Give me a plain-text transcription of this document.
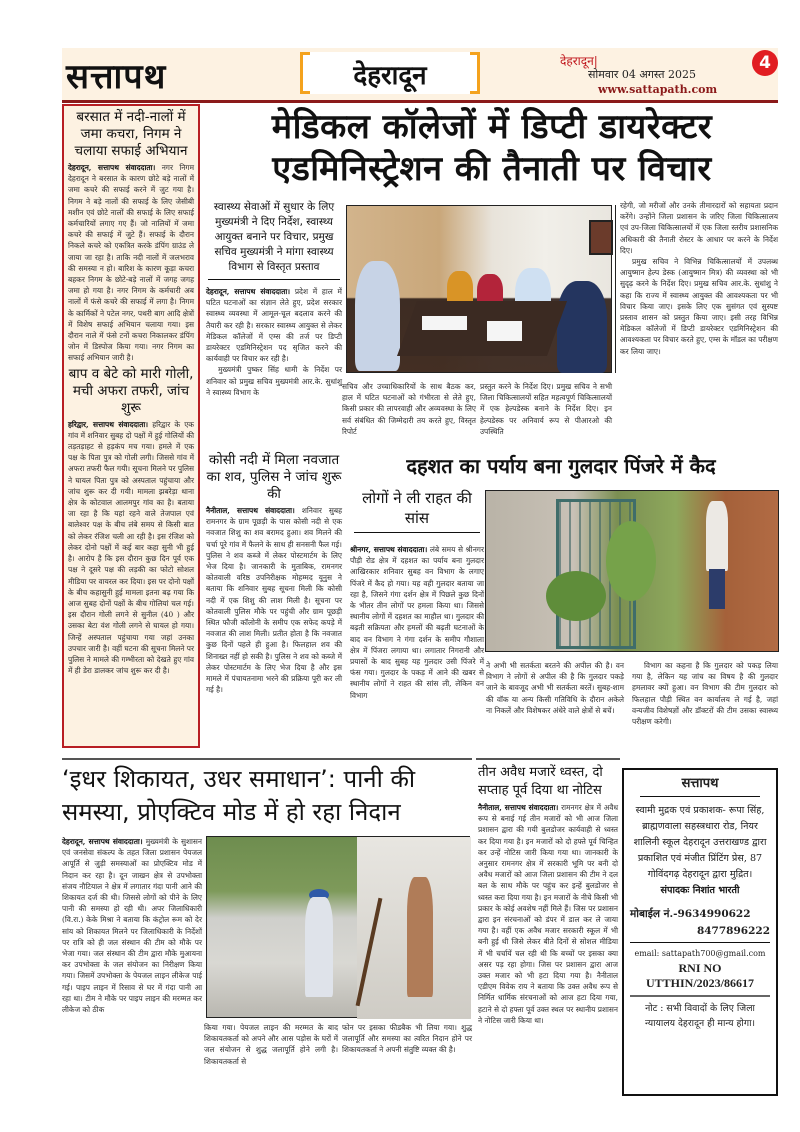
सत्तापथ	देहरादून	देहरादून|
सोमवार 04 अगस्त 2025
www.sattapath.com
4
बरसात में नदी-नालों में जमा कचरा, निगम ने चलाया सफाई अभियान
देहरादून, सत्तापथ संवाददाता। नगर निगम देहरादून ने बरसात के कारण छोटे बड़े नालों में जमा कचरे की सफाई करने में जुट गया है। निगम ने बड़े नालों की सफाई के लिए जेसीबी मशीन एवं छोटे नालों की सफाई के लिए सफाई कर्मचारियों लगाए गए हैं। जो नालियों में जमा कचरे की सफाई में जुटे हैं। सफाई के दौरान निकले कचरे को एकत्रित करके डंपिंग ग्राउंड ले जाया जा रहा है। ताकि नदी नालों में जलभराव की समस्या न हो। बारिश के कारण कूड़ा कचरा बहकर निगम के छोटे-बड़े नालों में जगह जगह जमा हो गया है। नगर निगम के कर्मचारी अब नालों में फंसे कचरे की सफाई में लगा है। निगम के कार्मिकों ने पटेल नगर, पथरी बाग आदि क्षेत्रों में विशेष सफाई अभियान चलाया गया। इस दौरान नाले में फंसे टनों कचरा निकालकर डंपिंग जोन में डिस्पोज किया गया। नगर निगम का सफाई अभियान जारी है।
बाप व बेटे को मारी गोली, मची अफरा तफरी, जांच शुरू
हरिद्वार, सत्तापथ संवाददाता। हरिद्वार के एक गांव में शनिवार सुबह दो पक्षों में हुई गोलियों की तड़तड़ाहट से हड़कंप मच गया। हमले में एक पक्ष के पिता पुत्र को गोली लगी। जिससे गांव में अफरा तफरी फैल गयी। सूचना मिलने पर पुलिस ने घायल पिता पुत्र को अस्पताल पहुंचाया और जांच शुरू कर दी गयी। मामला झबरेड़ा थाना क्षेत्र के कोटवाल आलमपुर गांव का है। बताया जा रहा है कि यहां रहने वाले तेजपाल एवं बालेश्वर पक्ष के बीच लंबे समय से किसी बात को लेकर रंजिश चली आ रही है। इस रंजिश को लेकर दोनो पक्षों में कई बार कहा सुनी भी हुई है। आरोप है कि इस दौरान कुछ दिन पूर्व एक पक्ष ने दूसरे पक्ष की लड़की का फोटो सोशल मीडिया पर वायरल कर दिया। इस पर दोनो पक्षों के बीच कहासुनी हुई मामला इतना बढ़ गया कि आज सुबह दोनों पक्षों के बीच गोलियां चल गई। इस दौरान गोली लगने से सुनील (40 ) और उसका बेटा वंश गोली लगने से घायल हो गया। जिन्हें अस्पताल पहुंचाया गया जहां उनका उपचार जारी है। वहीं घटना की सूचना मिलने पर पुलिस ने मामले की गम्भीरता को देखते हुए गांव में ही डेरा डालकर जांच शुरू कर दी है।
मेडिकल कॉलेजों में डिप्टी डायरेक्टर एडमिनिस्ट्रेशन की तैनाती पर विचार
स्वास्थ्य सेवाओं में सुधार के लिए मुख्यमंत्री ने दिए निर्देश, स्वास्थ्य आयुक्त बनाने पर विचार, प्रमुख सचिव मुख्यमंत्री ने मांगा स्वास्थ्य विभाग से विस्तृत प्रस्ताव
देहरादून, सत्तापथ संवाददाता। प्रदेश में हाल में घटित घटनाओं का संज्ञान लेते हुए, प्रदेश सरकार स्वास्थ्य व्यवस्था में आमूल-चूल बदलाव करने की तैयारी कर रही है। सरकार स्वास्थ्य आयुक्त से लेकर मेडिकल कॉलेजों में एम्स की तर्ज पर डिप्टी डायरेक्टर एडमिनिस्ट्रेशन पद सृजित करने की कार्यवाही पर विचार कर रही है।
मुख्यमंत्री पुष्कर सिंह धामी के निर्देश पर शनिवार को प्रमुख सचिव मुख्यमंत्री आर.के. सुधांशु ने स्वास्थ्य विभाग के
सचिव और उच्चाधिकारियों के साथ बैठक कर, हाल में घटित घटनाओं को गंभीरता से लेते हुए, किसी प्रकार की लापरवाही और अव्यवस्था के लिए सर्व संबंधित की जिम्मेदारी तय करते हुए, विस्तृत रिपोर्ट
प्रस्तुत करने के निर्देश दिए। प्रमुख सचिव ने सभी जिला चिकित्सालयों सहित महत्वपूर्ण चिकित्सालयों में एक हेल्पडेस्क बनाने के निर्देश दिए। इन हेल्पडेस्क पर अनिवार्य रूप से पीआरओ की उपस्थिति
रहेगी, जो मरीजों और उनके तीमारदारों को सहायता प्रदान करेंगे। उन्होंने जिला प्रशासन के जरिए जिला चिकित्सालय एवं उप-जिला चिकित्सालयों में एक जिला स्तरीय प्रशासनिक अधिकारी की तैनाती रोस्टर के आधार पर करने के निर्देश दिए।
प्रमुख सचिव ने विभिन्न चिकित्सालयों में उपलब्ध आयुष्मान हेल्प डेस्क (आयुष्मान मित्र) की व्यवस्था को भी सुदृढ़ करने के निर्देश दिए। प्रमुख सचिव आर.के. सुधांशु ने कहा कि राज्य में स्वास्थ्य आयुक्त की आवश्यकता पर भी विचार किया जाए। इसके लिए एक सुसंगत एवं सुस्पष्ट प्रस्ताव शासन को प्रस्तुत किया जाए। इसी तरह विभिन्न मेडिकल कॉलेजों में डिप्टी डायरेक्टर एडमिनिस्ट्रेशन की आवश्यकता पर विचार करते हुए, एम्स के मॉडल का परीक्षण कर लिया जाए।
कोसी नदी में मिला नवजात का शव, पुलिस ने जांच शुरू की
नैनीताल, सत्तापथ संवाददाता। शनिवार सुबह रामनगर के ग्राम पूछड़ी के पास कोसी नदी से एक नवजात शिशु का शव बरामद हुआ। शव मिलने की चर्चा पूरे गांव में फैलने के साथ ही सनसनी फैल गई। पुलिस ने शव कब्जे में लेकर पोस्टमार्टम के लिए भेज दिया है। जानकारी के मुताबिक, रामनगर कोतवाली वरिष्ठ उपनिरीक्षक मोहम्मद यूनुस ने बताया कि शनिवार सुबह सूचना मिली कि कोसी नदी में एक शिशु की लाश मिली है। सूचना पर कोतवाली पुलिस मौके पर पहुंची और ग्राम पूछड़ी स्थित फौजी कॉलोनी के समीप एक सफेद कपड़े में नवजात की लाश मिली। प्रतीत होता है कि नवजात कुछ दिनों पहले ही हुआ है। फिलहाल शव की शिनाख्त नहीं हो सकी है। पुलिस ने शव को कब्जे में लेकर पोस्टमार्टम के लिए भेज दिया है और इस मामले में पंचायतनामा भरने की प्रक्रिया पूरी कर ली गई है।
दहशत का पर्याय बना गुलदार पिंजरे में कैद
लोगों ने ली राहत की सांस
श्रीनगर, सत्तापथ संवाददाता। लंबे समय से श्रीनगर पौड़ी रोड क्षेत्र में दहशत का पर्याय बना गुलदार आखिरकार शनिवार सुबह वन विभाग के लगाए पिंजरे में कैद हो गया। यह वही गुलदार बताया जा रहा है, जिसने गंगा दर्शन क्षेत्र में पिछले कुछ दिनों के भीतर तीन लोगों पर हमला किया था। जिससे स्थानीय लोगों में दहशत का माहौल था। गुलदार की बढ़ती सक्रियता और हमलों की बढ़ती घटनाओं के बाद वन विभाग ने गंगा दर्शन के समीप गौशाला क्षेत्र में पिंजरा लगाया था। लगातार निगरानी और प्रयासों के बाद सुबह यह गुलदार उसी पिंजरे में फंस गया। गुलदार के पकड़ में आने की खबर से स्थानीय लोगों ने राहत की सांस ली, लेकिन वन विभाग
ने अभी भी सतर्कता बरतने की अपील की है। वन विभाग ने लोगों से अपील की है कि गुलदार पकड़े जाने के बावजूद अभी भी सतर्कता बरतें। सुबह-शाम की वॉक या अन्य किसी गतिविधि के दौरान अकेले ना निकलें और विशेषकर अंधेरे वाले क्षेत्रों से बचें।
विभाग का कहना है कि गुलदार को पकड़ लिया गया है, लेकिन यह जांच का विषय है की गुलदार हमलावर क्यों हुआ। वन विभाग की टीम गुलदार को फिलहाल पौड़ी स्थित वन कार्यालय ले गई है, जहां वन्यजीव विशेषज्ञों और डॉक्टरों की टीम उसका स्वास्थ्य परीक्षण करेगी।
‘इधर शिकायत, उधर समाधान’: पानी की समस्या, प्रोएक्टिव मोड में हो रहा निदान
देहरादून, सत्तापथ संवाददाता। मुख्यमंत्री के सुशासन एवं जनसेवा संकल्प के तहत जिला प्रशासन पेयजल आपूर्ति से जुड़ी समस्याओं का प्रोएक्टिव मोड में निदान कर रहा है। दून जाखन क्षेत्र से उपभोक्ता संजय नौटियाल ने क्षेत्र में लगातार गंदा पानी आने की शिकायत दर्ज की थी। जिससे लोगों को पीने के लिए पानी की समस्या हो रही थी। अपर जिलाधिकारी (वि.रा.) केके मिश्रा ने बताया कि कंट्रोल रूम को देर सांय को शिकायत मिलने पर जिलाधिकारी के निर्देशों पर रात्रि को ही जल संस्थान की टीम को मौके पर भेजा गया। जल संस्थान की टीम द्वारा मौके मुआयना कर उपभोक्ता के जल संयोजन का निरीक्षण किया गया। जिसमें उपभोक्ता के पेयजल लाइन लीकेज पाई गई। पाइप लाइन में रिसाव से घर में गंदा पानी आ रहा था। टीम ने मौके पर पाइप लाइन की मरम्मत कर लीकेज को ठीक
किया गया। पेयजल लाइन की मरम्मत के बाद शिकायतकर्ता को अपने और आस पड़ोस के घरों में जल संयोजन से शुद्ध जलापूर्ति होने लगी है। शिकायतकर्ता से
फोन पर इसका फीडबैक भी लिया गया। शुद्ध जलापूर्ति और समस्या का त्वरित निदान होने पर शिकायतकर्ता ने अपनी संतुष्टि व्यक्त की है।
तीन अवैध मजारें ध्वस्त, दो सप्ताह पूर्व दिया था नोटिस
नैनीताल, सत्तापथ संवाददाता। रामनगर क्षेत्र में अवैध रूप से बनाई गई तीन मजारों को भी आज जिला प्रशासन द्वारा की गयी बुलडोजर कार्यवाही से ध्वस्त कर दिया गया है। इन मजारों को दो हफ्ते पूर्व चिन्हित कर उन्हें नोटिस जारी किया गया था। जानकारी के अनुसार रामनगर क्षेत्र में सरकारी भूमि पर बनी दो अवैध मजारों को आज जिला प्रशासन की टीम ने दल बल के साथ मौके पर पहुंच कर इन्हें बुलडोजर से ध्वस्त करा दिया गया है। इन मजारों के नीचे किसी भी प्रकार के कोई अवशेष नहीं मिले हैं। जिस पर प्रशासन द्वारा इन संरचनाओं को डंपर में डाल कर ले जाया गया है। वहीं एक अवैध मजार सरकारी स्कूल में भी बनी हुई थी जिसे लेकर बीते दिनों से सोशल मीडिया में भी चर्चायें चल रही थी कि बच्चों पर इसका क्या असर पड़ रहा होगा। जिस पर प्रशासन द्वारा आज उक्त मजार को भी हटा दिया गया है। नैनीताल एडीएम विवेक राय ने बताया कि उक्त अवैध रूप से निर्मित धार्मिक संरचनाओं को आज हटा दिया गया, हटाने से दो हफ्ता पूर्व उक्त स्थल पर स्थानीय प्रशासन ने नोटिस जारी किया था।
सत्तापथ
स्वामी मुद्रक एवं प्रकाशक- रूपा सिंह, ब्राह्मणवाला सहस्त्रधारा रोड, नियर शालिनी स्कूल देहरादून उत्तराखण्ड द्वारा प्रकाशित एवं मंजीत प्रिंटिंग प्रेस, 87 गोविंदगढ़ देहरादून द्वारा मुद्रित।
संपादकः निशांत भारती
मोबाईल नं.-9634990622
8477896222
email: sattapath700@gmail.com
RNI NO
UTTHIN/2023/86617
नोट : सभी विवादों के लिए जिला न्यायालय देहरादून ही मान्य होगा।
